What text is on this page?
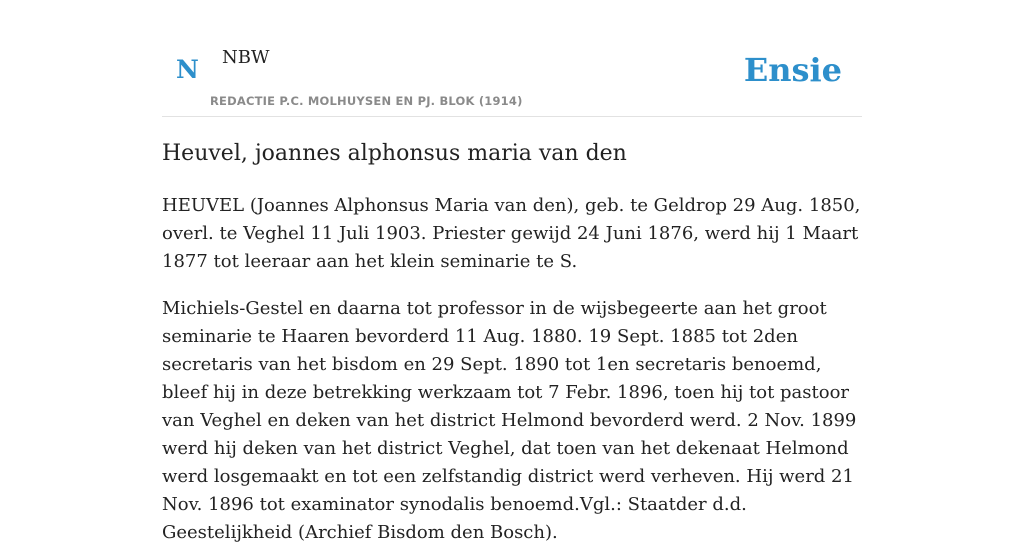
N NBW
REDACTIE P.C. MOLHUYSEN EN PJ. BLOK (1914)
Ensie
Heuvel, joannes alphonsus maria van den

HEUVEL (Joannes Alphonsus Maria van den), geb. te Geldrop 29 Aug. 1850, overl. te Veghel 11 Juli 1903. Priester gewijd 24 Juni 1876, werd hij 1 Maart 1877 tot leeraar aan het klein seminarie te S.

Michiels-Gestel en daarna tot professor in de wijsbegeerte aan het groot seminarie te Haaren bevorderd 11 Aug. 1880. 19 Sept. 1885 tot 2den secretaris van het bisdom en 29 Sept. 1890 tot 1en secretaris benoemd, bleef hij in deze betrekking werkzaam tot 7 Febr. 1896, toen hij tot pastoor van Veghel en deken van het district Helmond bevorderd werd. 2 Nov. 1899 werd hij deken van het district Veghel, dat toen van het dekenaat Helmond werd losgemaakt en tot een zelfstandig district werd verheven. Hij werd 21 Nov. 1896 tot examinator synodalis benoemd.Vgl.: Staatder d.d. Geestelijkheid (Archief Bisdom den Bosch).
